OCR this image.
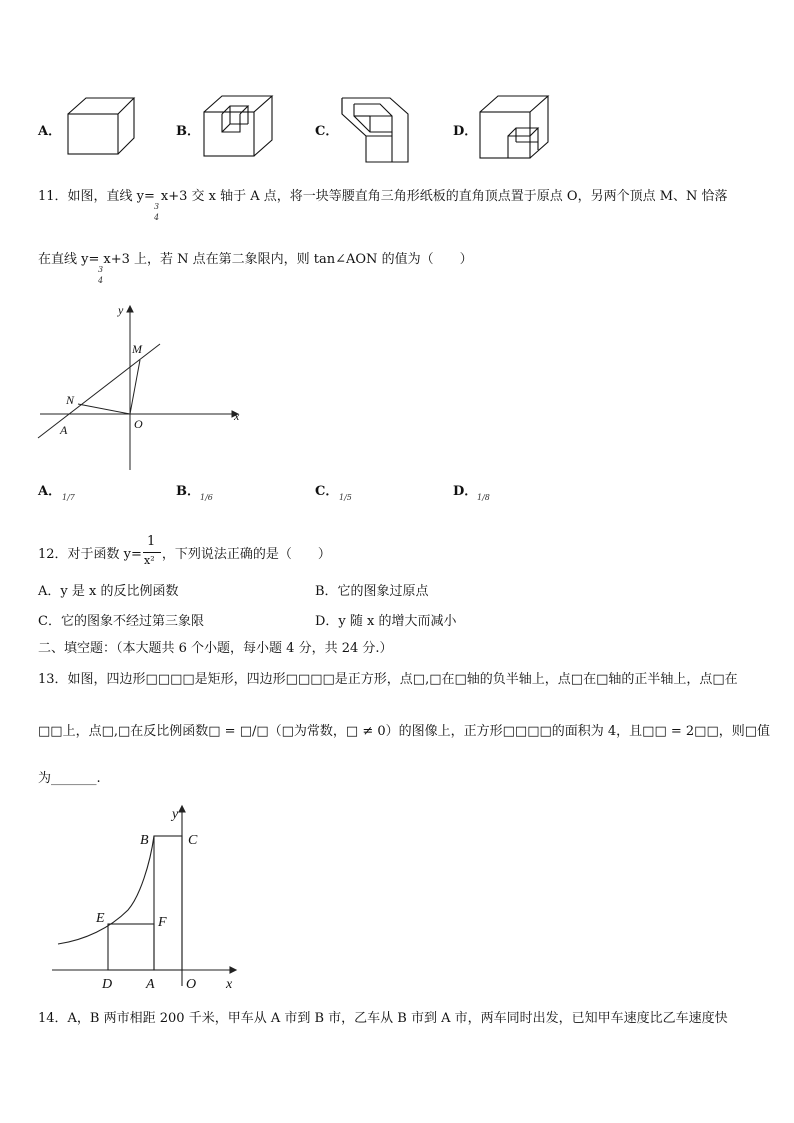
A．	B．	C．	D．
11．如图，直线 y= x+3 交 x 轴于 A 点，将一块等腰直角三角形纸板的直角顶点置于原点 O，另两个顶点 M、N 恰落
3
4
在直线 y= x+3 上，若 N 点在第二象限内，则 tan∠AON 的值为（　　）
3
4
y
x
M
N
A	O
A． 1/7	B． 1/6	C． 1/5	D． 1/8
12．对于函数 y= ，下列说法正确的是（　　）
1
x²
A．y 是 x 的反比例函数	B．它的图象过原点
C．它的图象不经过第三象限	D．y 随 x 的增大而减小
二、填空题：（本大题共 6 个小题，每小题 4 分，共 24 分.）
13．如图，四边形□□□□是矩形，四边形□□□□是正方形，点□,□在□轴的负半轴上，点□在□轴的正半轴上，点□在
□□上，点□,□在反比例函数□ = □/□（□为常数，□ ≠ 0）的图像上，正方形□□□□的面积为 4，且□□ = 2□□，则□值
为_______.
y
x
B	C
E	F
D A O
14．A，B 两市相距 200 千米，甲车从 A 市到 B 市，乙车从 B 市到 A 市，两车同时出发，已知甲车速度比乙车速度快
